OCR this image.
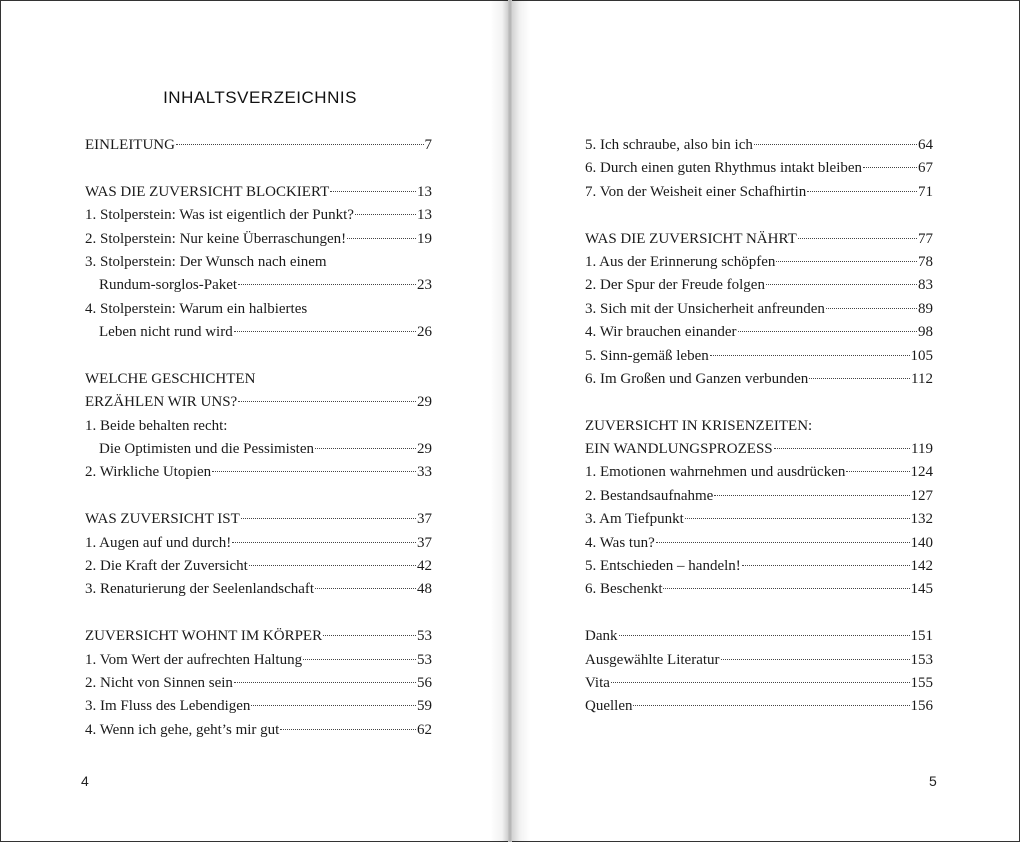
INHALTSVERZEICHNIS
EINLEITUNG	7
WAS DIE ZUVERSICHT BLOCKIERT	13
1. Stolperstein: Was ist eigentlich der Punkt?	13
2. Stolperstein: Nur keine Überraschungen!	19
3. Stolperstein: Der Wunsch nach einem
Rundum-sorglos-Paket	23
4. Stolperstein: Warum ein halbiertes
Leben nicht rund wird	26
WELCHE GESCHICHTEN
ERZÄHLEN WIR UNS?	29
1. Beide behalten recht:
Die Optimisten und die Pessimisten	29
2. Wirkliche Utopien	33
WAS ZUVERSICHT IST	37
1. Augen auf und durch!	37
2. Die Kraft der Zuversicht	42
3. Renaturierung der Seelenlandschaft	48
ZUVERSICHT WOHNT IM KÖRPER	53
1. Vom Wert der aufrechten Haltung	53
2. Nicht von Sinnen sein	56
3. Im Fluss des Lebendigen	59
4. Wenn ich gehe, geht’s mir gut	62
5. Ich schraube, also bin ich	64
6. Durch einen guten Rhythmus intakt bleiben	67
7. Von der Weisheit einer Schafhirtin	71
WAS DIE ZUVERSICHT NÄHRT	77
1. Aus der Erinnerung schöpfen	78
2. Der Spur der Freude folgen	83
3. Sich mit der Unsicherheit anfreunden	89
4. Wir brauchen einander	98
5. Sinn-gemäß leben	105
6. Im Großen und Ganzen verbunden	112
ZUVERSICHT IN KRISENZEITEN:
EIN WANDLUNGSPROZESS	119
1. Emotionen wahrnehmen und ausdrücken	124
2. Bestandsaufnahme	127
3. Am Tiefpunkt	132
4. Was tun?	140
5. Entschieden – handeln!	142
6. Beschenkt	145
Dank	151
Ausgewählte Literatur	153
Vita	155
Quellen	156
4	5
